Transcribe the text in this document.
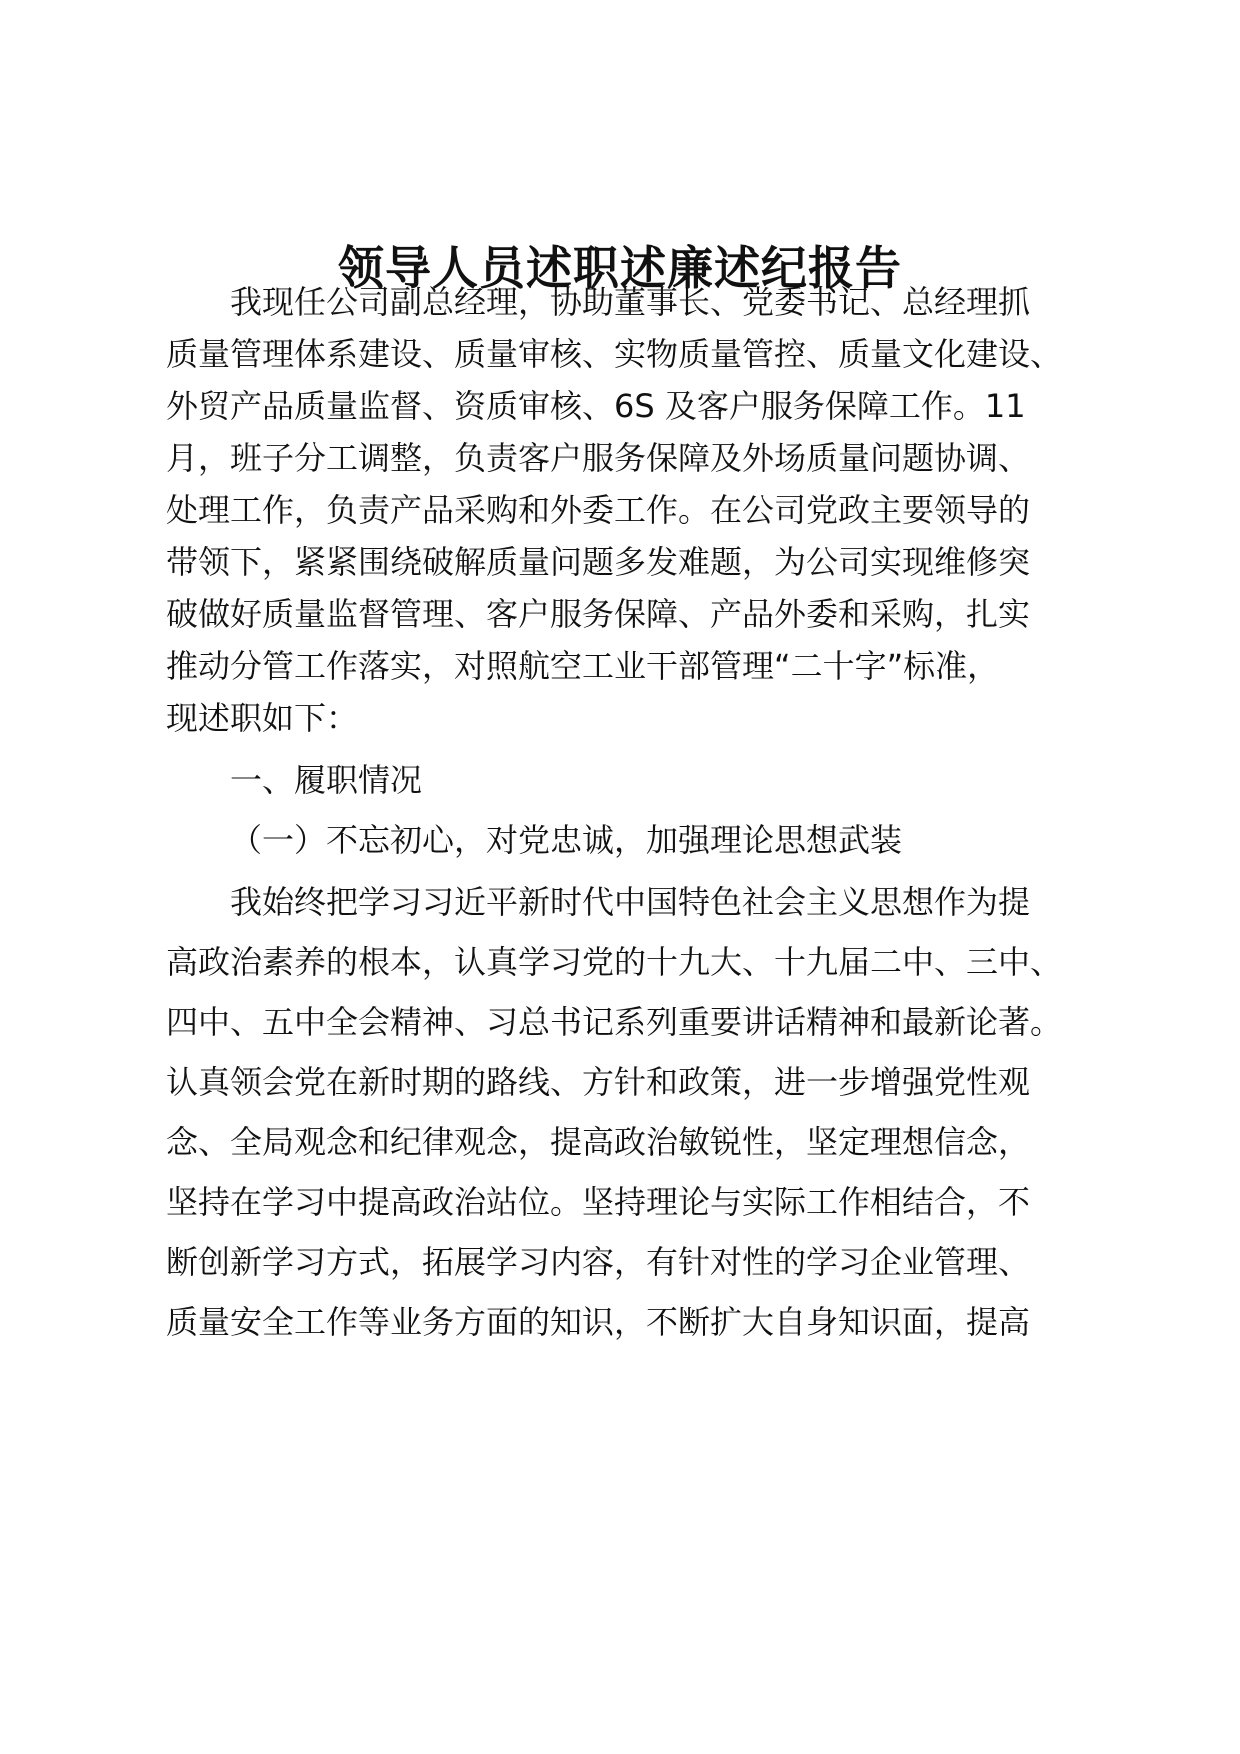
领导人员述职述廉述纪报告

我现任公司副总经理，协助董事长、党委书记、总经理抓

质量管理体系建设、质量审核、实物质量管控、质量文化建设、

外贸产品质量监督、资质审核、6S 及客户服务保障工作。11

月，班子分工调整，负责客户服务保障及外场质量问题协调、

处理工作，负责产品采购和外委工作。在公司党政主要领导的

带领下，紧紧围绕破解质量问题多发难题，为公司实现维修突

破做好质量监督管理、客户服务保障、产品外委和采购，扎实

推动分管工作落实，对照航空工业干部管理“二十字”标准，

现述职如下：

一、履职情况

（一）不忘初心，对党忠诚，加强理论思想武装

我始终把学习习近平新时代中国特色社会主义思想作为提

高政治素养的根本，认真学习党的十九大、十九届二中、三中、

四中、五中全会精神、习总书记系列重要讲话精神和最新论著。

认真领会党在新时期的路线、方针和政策，进一步增强党性观

念、全局观念和纪律观念，提高政治敏锐性，坚定理想信念，

坚持在学习中提高政治站位。坚持理论与实际工作相结合，不

断创新学习方式，拓展学习内容，有针对性的学习企业管理、

质量安全工作等业务方面的知识，不断扩大自身知识面，提高
